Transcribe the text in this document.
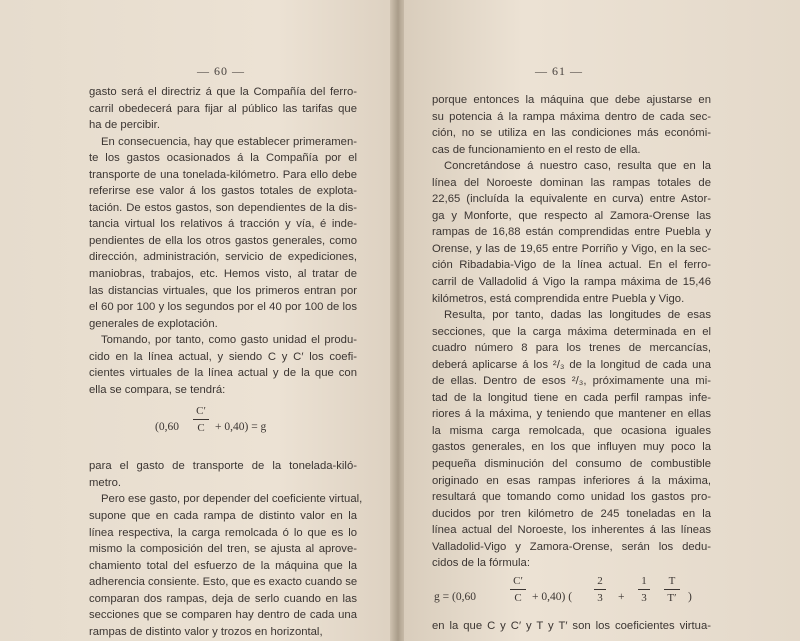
— 60 —
gasto será el directriz á que la Compañía del ferro-
carril obedecerá para fijar al público las tarifas que
ha de percibir.
En consecuencia, hay que establecer primeramen-
te los gastos ocasionados á la Compañía por el
transporte de una tonelada-kilómetro. Para ello debe
referirse ese valor á los gastos totales de explota-
tación. De estos gastos, son dependientes de la dis-
tancia virtual los relativos á tracción y vía, é inde-
pendientes de ella los otros gastos generales, como
dirección, administración, servicio de expediciones,
maniobras, trabajos, etc. Hemos visto, al tratar de
las distancias virtuales, que los primeros entran por
el 60 por 100 y los segundos por el 40 por 100 de los
generales de explotación.
Tomando, por tanto, como gasto unidad el produ-
cido en la línea actual, y siendo C y C′ los coefi-
cientes virtuales de la línea actual y de la que con
ella se compara, se tendrá:
(0,60
C′
C + 0,40) = g
para el gasto de transporte de la tonelada-kiló-
metro.
Pero ese gasto, por depender del coeficiente virtual,
supone que en cada rampa de distinto valor en la
línea respectiva, la carga remolcada ó lo que es lo
mismo la composición del tren, se ajusta al aprove-
chamiento total del esfuerzo de la máquina que la
adherencia consiente. Esto, que es exacto cuando se
comparan dos rampas, deja de serlo cuando en las
secciones que se comparen hay dentro de cada una
rampas de distinto valor y trozos en horizontal,
— 61 —
porque entonces la máquina que debe ajustarse en
su potencia á la rampa máxima dentro de cada sec-
ción, no se utiliza en las condiciones más económi-
cas de funcionamiento en el resto de ella.
Concretándose á nuestro caso, resulta que en la
línea del Noroeste dominan las rampas totales de
22,65 (incluída la equivalente en curva) entre Astor-
ga y Monforte, que respecto al Zamora-Orense las
rampas de 16,88 están comprendidas entre Puebla y
Orense, y las de 19,65 entre Porriño y Vigo, en la sec-
ción Ribadabia-Vigo de la línea actual. En el ferro-
carril de Valladolid á Vigo la rampa máxima de 15,46
kilómetros, está comprendida entre Puebla y Vigo.
Resulta, por tanto, dadas las longitudes de esas
secciones, que la carga máxima determinada en el
cuadro número 8 para los trenes de mercancías,
deberá aplicarse á los ²/₃ de la longitud de cada una
de ellas. Dentro de esos ²/₃, próximamente una mi-
tad de la longitud tiene en cada perfil rampas infe-
riores á la máxima, y teniendo que mantener en ellas
la misma carga remolcada, que ocasiona iguales
gastos generales, en los que influyen muy poco la
pequeña disminución del consumo de combustible
originado en esas rampas inferiores á la máxima,
resultará que tomando como unidad los gastos pro-
ducidos por tren kilómetro de 245 toneladas en la
línea actual del Noroeste, los inherentes á las líneas
Valladolid-Vigo y Zamora-Orense, serán los dedu-
cidos de la fórmula:
g = (0,60
C′
C + 0,40) (
2
3 +
1
3
T
T′ )
en la que C y C′ y T y T′ son los coeficientes virtua-
